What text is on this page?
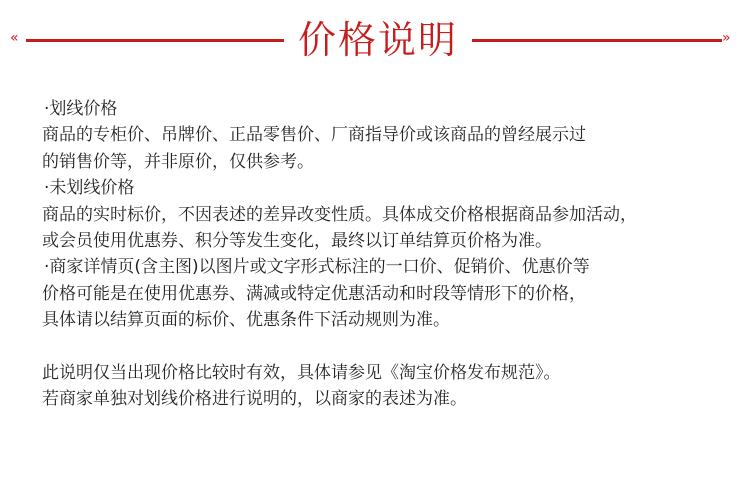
«	价格说明	»
·划线价格
商品的专柜价、吊牌价、正品零售价、厂商指导价或该商品的曾经展示过
的销售价等，并非原价，仅供参考。
·未划线价格
商品的实时标价，不因表述的差异改变性质。具体成交价格根据商品参加活动，
或会员使用优惠券、积分等发生变化，最终以订单结算页价格为准。
·商家详情页(含主图)以图片或文字形式标注的一口价、促销价、优惠价等
价格可能是在使用优惠券、满减或特定优惠活动和时段等情形下的价格，
具体请以结算页面的标价、优惠条件下活动规则为准。
此说明仅当出现价格比较时有效，具体请参见《淘宝价格发布规范》。
若商家单独对划线价格进行说明的，以商家的表述为准。
